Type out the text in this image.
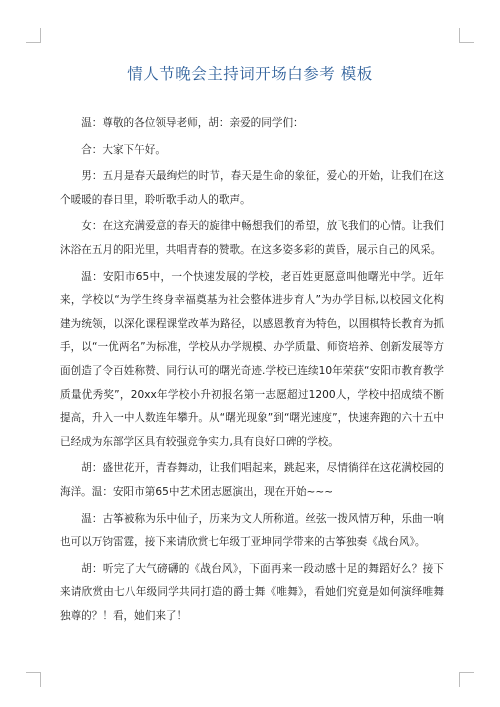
情人节晚会主持词开场白参考 模板

温：尊敬的各位领导老师，胡：亲爱的同学们：

合：大家下午好。

男：五月是春天最绚烂的时节，春天是生命的象征，爱心的开始，让我们在这个暖暖的春日里，聆听歌手动人的歌声。

女：在这充满爱意的春天的旋律中畅想我们的希望，放飞我们的心情。让我们沐浴在五月的阳光里，共唱青春的赞歌。在这多姿多彩的黄昏，展示自己的风采。

温：安阳市65中，一个快速发展的学校，老百姓更愿意叫他曙光中学。近年来，学校以“为学生终身幸福奠基为社会整体进步育人”为办学目标,以校园文化构建为统领，以深化课程课堂改革为路径，以感恩教育为特色，以围棋特长教育为抓手，以“一优两名”为标准，学校从办学规模、办学质量、师资培养、创新发展等方面创造了令百姓称赞、同行认可的曙光奇迹.学校已连续10年荣获“安阳市教育教学质量优秀奖”，20xx年学校小升初报名第一志愿超过1200人，学校中招成绩不断提高，升入一中人数连年攀升。从“曙光现象”到“曙光速度”，快速奔跑的六十五中已经成为东部学区具有较强竞争实力,具有良好口碑的学校。

胡：盛世花开，青春舞动，让我们唱起来，跳起来，尽情徜徉在这花满校园的海洋。温：安阳市第65中艺术团志愿演出，现在开始~~~

温：古筝被称为乐中仙子，历来为文人所称道。丝弦一拨风情万种，乐曲一响也可以万钧雷霆，接下来请欣赏七年级丁亚坤同学带来的古筝独奏《战台风》。

胡：听完了大气磅礴的《战台风》，下面再来一段动感十足的舞蹈好么？接下来请欣赏由七八年级同学共同打造的爵士舞《唯舞》，看她们究竟是如何演绎唯舞独尊的？！看，她们来了！
